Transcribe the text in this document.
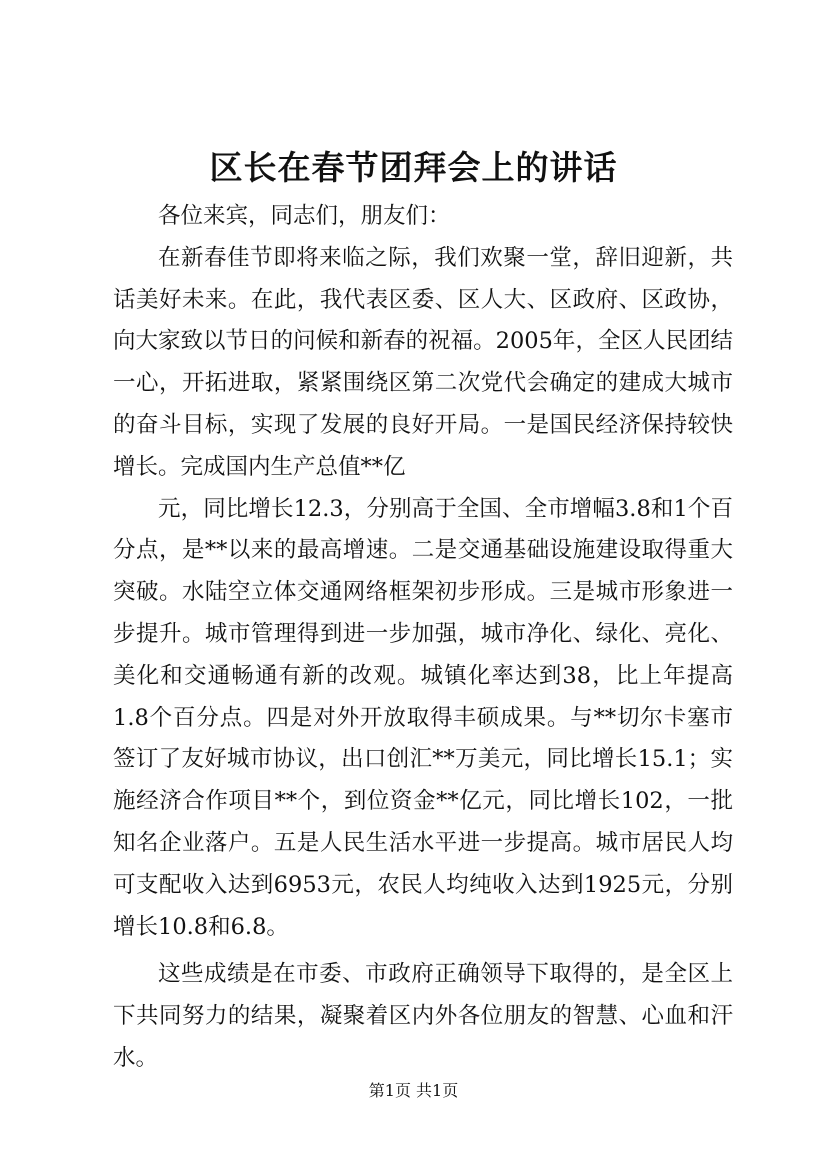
区长在春节团拜会上的讲话

各位来宾，同志们，朋友们：

在新春佳节即将来临之际，我们欢聚一堂，辞旧迎新，共话美好未来。在此，我代表区委、区人大、区政府、区政协，向大家致以节日的问候和新春的祝福。2005年，全区人民团结一心，开拓进取，紧紧围绕区第二次党代会确定的建成大城市的奋斗目标，实现了发展的良好开局。一是国民经济保持较快增长。完成国内生产总值**亿

元，同比增长12.3，分别高于全国、全市增幅3.8和1个百分点，是**以来的最高增速。二是交通基础设施建设取得重大突破。水陆空立体交通网络框架初步形成。三是城市形象进一步提升。城市管理得到进一步加强，城市净化、绿化、亮化、美化和交通畅通有新的改观。城镇化率达到38，比上年提高1.8个百分点。四是对外开放取得丰硕成果。与**切尔卡塞市签订了友好城市协议，出口创汇**万美元，同比增长15.1；实施经济合作项目**个，到位资金**亿元，同比增长102，一批知名企业落户。五是人民生活水平进一步提高。城市居民人均可支配收入达到6953元，农民人均纯收入达到1925元，分别增长10.8和6.8。

这些成绩是在市委、市政府正确领导下取得的，是全区上下共同努力的结果，凝聚着区内外各位朋友的智慧、心血和汗水。

第1页 共1页
